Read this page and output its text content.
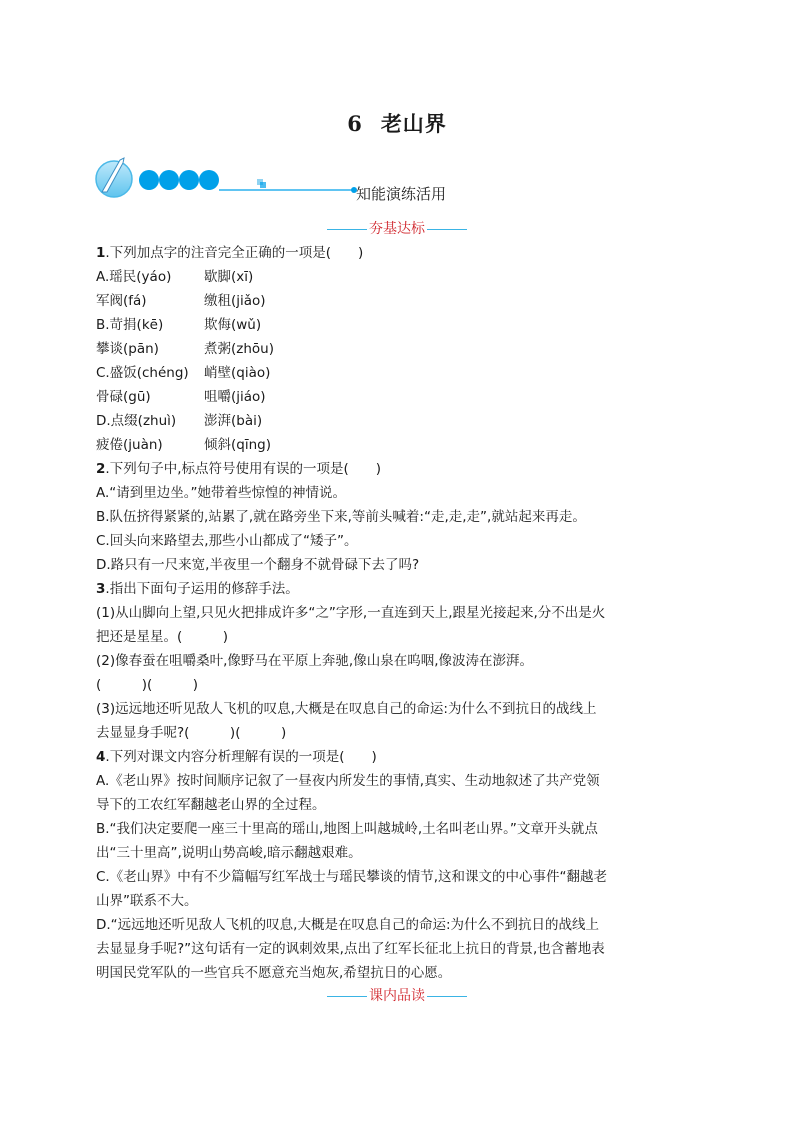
6 老山界
知能演练活用
夯基达标
1.下列加点字的注音完全正确的一项是(　　)
A.瑶民(yáo)	歇脚(xī)
军阀(fá)	缴租(jiǎo)
B.苛捐(kē)	欺侮(wǔ)
攀谈(pān)	煮粥(zhōu)
C.盛饭(chéng)	峭壁(qiào)
骨碌(gū)	咀嚼(jiáo)
D.点缀(zhuì)	澎湃(bài)
疲倦(juàn)	倾斜(qīng)
2.下列句子中,标点符号使用有误的一项是(　　)
A.“请到里边坐。”她带着些惊惶的神情说。
B.队伍挤得紧紧的,站累了,就在路旁坐下来,等前头喊着:“走,走,走”,就站起来再走。
C.回头向来路望去,那些小山都成了“矮子”。
D.路只有一尺来宽,半夜里一个翻身不就骨碌下去了吗?
3.指出下面句子运用的修辞手法。
(1)从山脚向上望,只见火把排成许多“之”字形,一直连到天上,跟星光接起来,分不出是火
把还是星星。(　　　)
(2)像春蚕在咀嚼桑叶,像野马在平原上奔驰,像山泉在呜咽,像波涛在澎湃。
(　　　)(　　　)
(3)远远地还听见敌人飞机的叹息,大概是在叹息自己的命运:为什么不到抗日的战线上
去显显身手呢?(　　　)(　　　)
4.下列对课文内容分析理解有误的一项是(　　)
A.《老山界》按时间顺序记叙了一昼夜内所发生的事情,真实、生动地叙述了共产党领
导下的工农红军翻越老山界的全过程。
B.“我们决定要爬一座三十里高的瑶山,地图上叫越城岭,土名叫老山界。”文章开头就点
出“三十里高”,说明山势高峻,暗示翻越艰难。
C.《老山界》中有不少篇幅写红军战士与瑶民攀谈的情节,这和课文的中心事件“翻越老
山界”联系不大。
D.“远远地还听见敌人飞机的叹息,大概是在叹息自己的命运:为什么不到抗日的战线上
去显显身手呢?”这句话有一定的讽刺效果,点出了红军长征北上抗日的背景,也含蓄地表
明国民党军队的一些官兵不愿意充当炮灰,希望抗日的心愿。
课内品读
